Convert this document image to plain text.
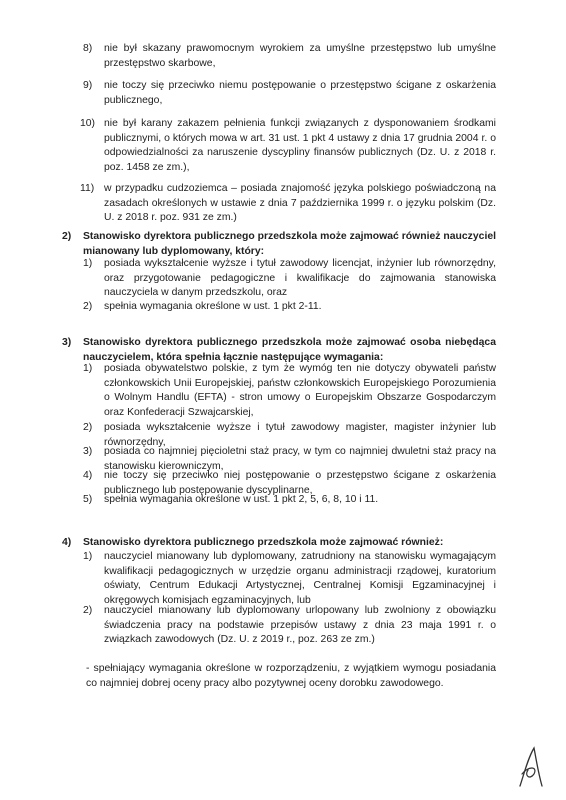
8) nie był skazany prawomocnym wyrokiem za umyślne przestępstwo lub umyślne przestępstwo skarbowe,
9) nie toczy się przeciwko niemu postępowanie o przestępstwo ścigane z oskarżenia publicznego,
10) nie był karany zakazem pełnienia funkcji związanych z dysponowaniem środkami publicznymi, o których mowa w art. 31 ust. 1 pkt 4 ustawy z dnia 17 grudnia 2004 r. o odpowiedzialności za naruszenie dyscypliny finansów publicznych (Dz. U. z 2018 r. poz. 1458 ze zm.),
11) w przypadku cudzoziemca – posiada znajomość języka polskiego poświadczoną na zasadach określonych w ustawie z dnia 7 października 1999 r. o języku polskim (Dz. U. z 2018 r. poz. 931 ze zm.)
2) Stanowisko dyrektora publicznego przedszkola może zajmować również nauczyciel mianowany lub dyplomowany, który:
1) posiada wykształcenie wyższe i tytuł zawodowy licencjat, inżynier lub równorzędny, oraz przygotowanie pedagogiczne i kwalifikacje do zajmowania stanowiska nauczyciela w danym przedszkolu, oraz
2) spełnia wymagania określone w ust. 1 pkt 2-11.
3) Stanowisko dyrektora publicznego przedszkola może zajmować osoba niebędąca nauczycielem, która spełnia łącznie następujące wymagania:
1) posiada obywatelstwo polskie, z tym że wymóg ten nie dotyczy obywateli państw członkowskich Unii Europejskiej, państw członkowskich Europejskiego Porozumienia o Wolnym Handlu (EFTA) - stron umowy o Europejskim Obszarze Gospodarczym oraz Konfederacji Szwajcarskiej,
2) posiada wykształcenie wyższe i tytuł zawodowy magister, magister inżynier lub równorzędny,
3) posiada co najmniej pięcioletni staż pracy, w tym co najmniej dwuletni staż pracy na stanowisku kierowniczym,
4) nie toczy się przeciwko niej postępowanie o przestępstwo ścigane z oskarżenia publicznego lub postępowanie dyscyplinarne,
5) spełnia wymagania określone w ust. 1 pkt 2, 5, 6, 8, 10 i 11.
4) Stanowisko dyrektora publicznego przedszkola może zajmować również:
1) nauczyciel mianowany lub dyplomowany, zatrudniony na stanowisku wymagającym kwalifikacji pedagogicznych w urzędzie organu administracji rządowej, kuratorium oświaty, Centrum Edukacji Artystycznej, Centralnej Komisji Egzaminacyjnej i okręgowych komisjach egzaminacyjnych, lub
2) nauczyciel mianowany lub dyplomowany urlopowany lub zwolniony z obowiązku świadczenia pracy na podstawie przepisów ustawy z dnia 23 maja 1991 r. o związkach zawodowych (Dz. U. z 2019 r., poz. 263 ze zm.)
- spełniający wymagania określone w rozporządzeniu, z wyjątkiem wymogu posiadania co najmniej dobrej oceny pracy albo pozytywnej oceny dorobku zawodowego.
